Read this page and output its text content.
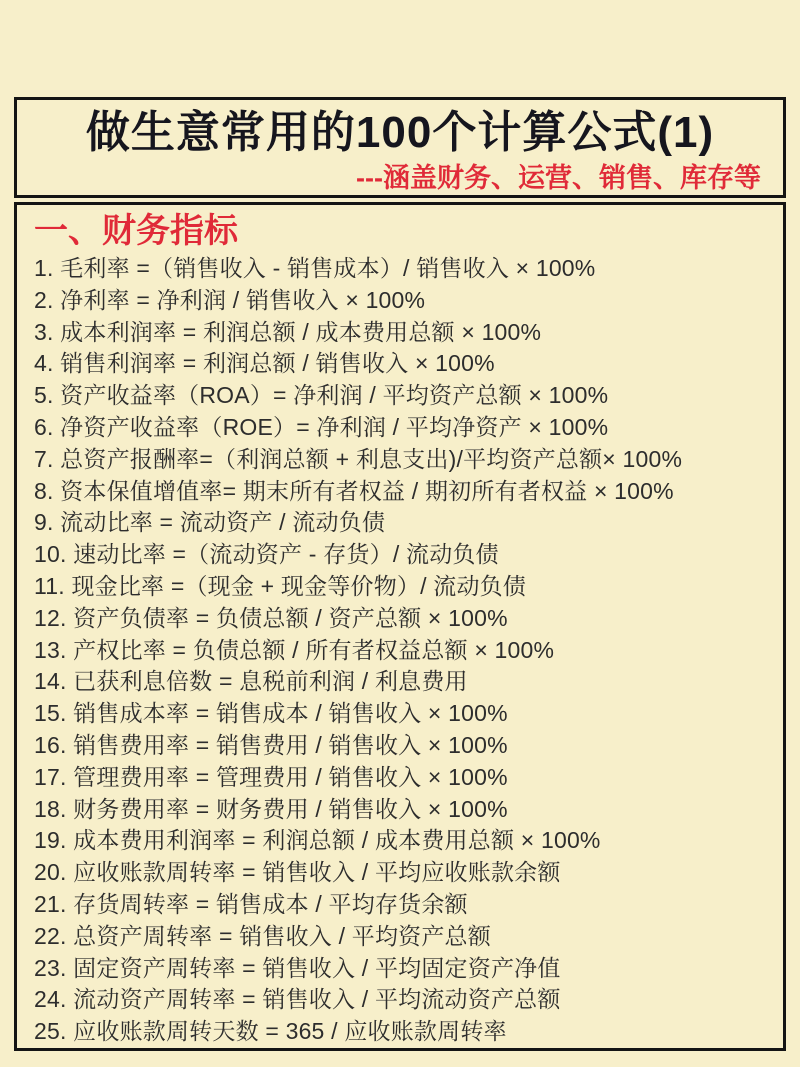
做生意常用的100个计算公式(1)
---涵盖财务、运营、销售、库存等
一、财务指标
1. 毛利率 =（销售收入 - 销售成本）/ 销售收入 × 100%
2. 净利率 = 净利润 / 销售收入 × 100%
3. 成本利润率 = 利润总额 / 成本费用总额 × 100%
4. 销售利润率 = 利润总额 / 销售收入 × 100%
5. 资产收益率（ROA）= 净利润 / 平均资产总额 × 100%
6. 净资产收益率（ROE）= 净利润 / 平均净资产 × 100%
7. 总资产报酬率=（利润总额 + 利息支出)/平均资产总额× 100%
8. 资本保值增值率= 期末所有者权益 / 期初所有者权益 × 100%
9. 流动比率 = 流动资产 / 流动负债
10. 速动比率 =（流动资产 - 存货）/ 流动负债
11. 现金比率 =（现金 + 现金等价物）/ 流动负债
12. 资产负债率 = 负债总额 / 资产总额 × 100%
13. 产权比率 = 负债总额 / 所有者权益总额 × 100%
14. 已获利息倍数 = 息税前利润 / 利息费用
15. 销售成本率 = 销售成本 / 销售收入 × 100%
16. 销售费用率 = 销售费用 / 销售收入 × 100%
17. 管理费用率 = 管理费用 / 销售收入 × 100%
18. 财务费用率 = 财务费用 / 销售收入 × 100%
19. 成本费用利润率 = 利润总额 / 成本费用总额 × 100%
20. 应收账款周转率 = 销售收入 / 平均应收账款余额
21. 存货周转率 = 销售成本 / 平均存货余额
22. 总资产周转率 = 销售收入 / 平均资产总额
23. 固定资产周转率 = 销售收入 / 平均固定资产净值
24. 流动资产周转率 = 销售收入 / 平均流动资产总额
25. 应收账款周转天数 = 365 / 应收账款周转率
